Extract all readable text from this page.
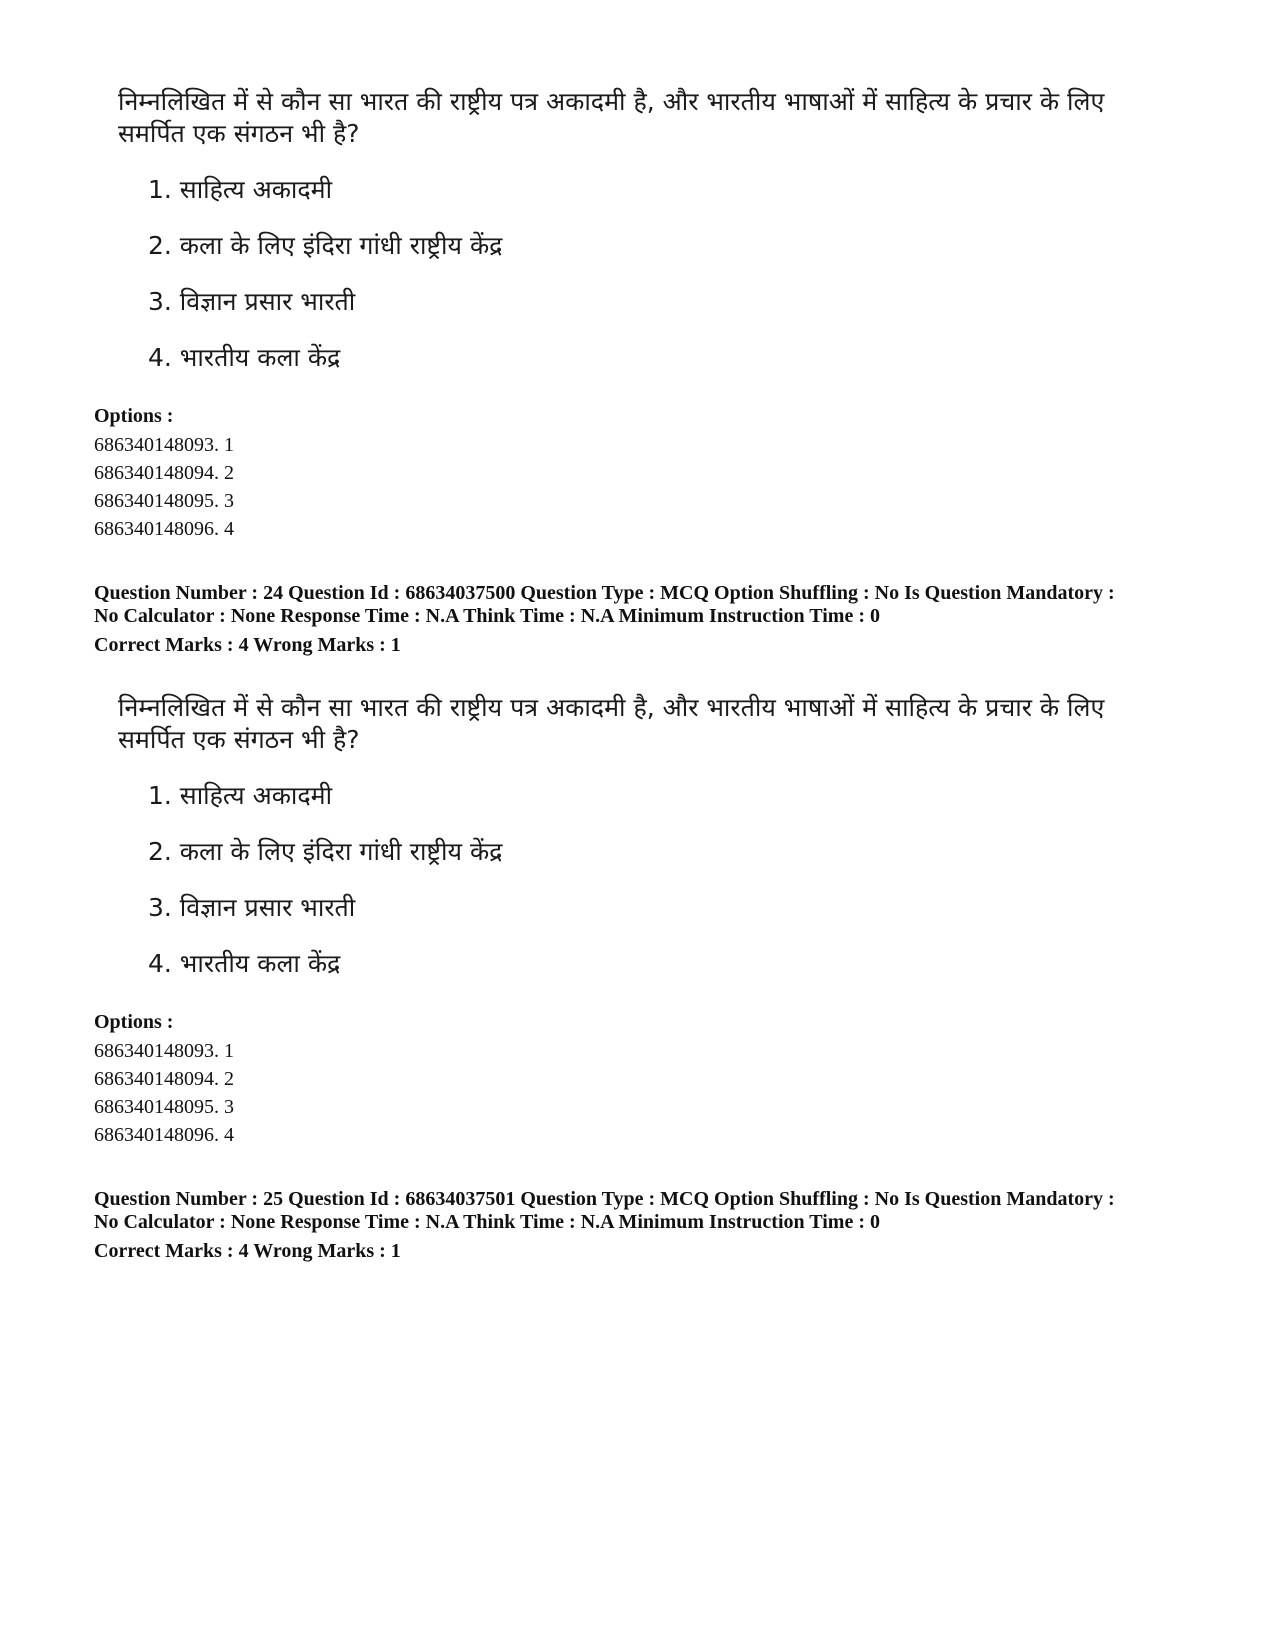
निम्नलिखित में से कौन सा भारत की राष्ट्रीय पत्र अकादमी है, और भारतीय भाषाओं में साहित्य के प्रचार के लिए समर्पित एक संगठन भी है?

1. साहित्य अकादमी
2. कला के लिए इंदिरा गांधी राष्ट्रीय केंद्र
3. विज्ञान प्रसार भारती
4. भारतीय कला केंद्र
Options :
686340148093. 1
686340148094. 2
686340148095. 3
686340148096. 4
Question Number : 24 Question Id : 68634037500 Question Type : MCQ Option Shuffling : No Is Question Mandatory :
No Calculator : None Response Time : N.A Think Time : N.A Minimum Instruction Time : 0
Correct Marks : 4 Wrong Marks : 1

निम्नलिखित में से कौन सा भारत की राष्ट्रीय पत्र अकादमी है, और भारतीय भाषाओं में साहित्य के प्रचार के लिए समर्पित एक संगठन भी है?

1. साहित्य अकादमी
2. कला के लिए इंदिरा गांधी राष्ट्रीय केंद्र
3. विज्ञान प्रसार भारती
4. भारतीय कला केंद्र
Options :
686340148093. 1
686340148094. 2
686340148095. 3
686340148096. 4
Question Number : 25 Question Id : 68634037501 Question Type : MCQ Option Shuffling : No Is Question Mandatory :
No Calculator : None Response Time : N.A Think Time : N.A Minimum Instruction Time : 0
Correct Marks : 4 Wrong Marks : 1
